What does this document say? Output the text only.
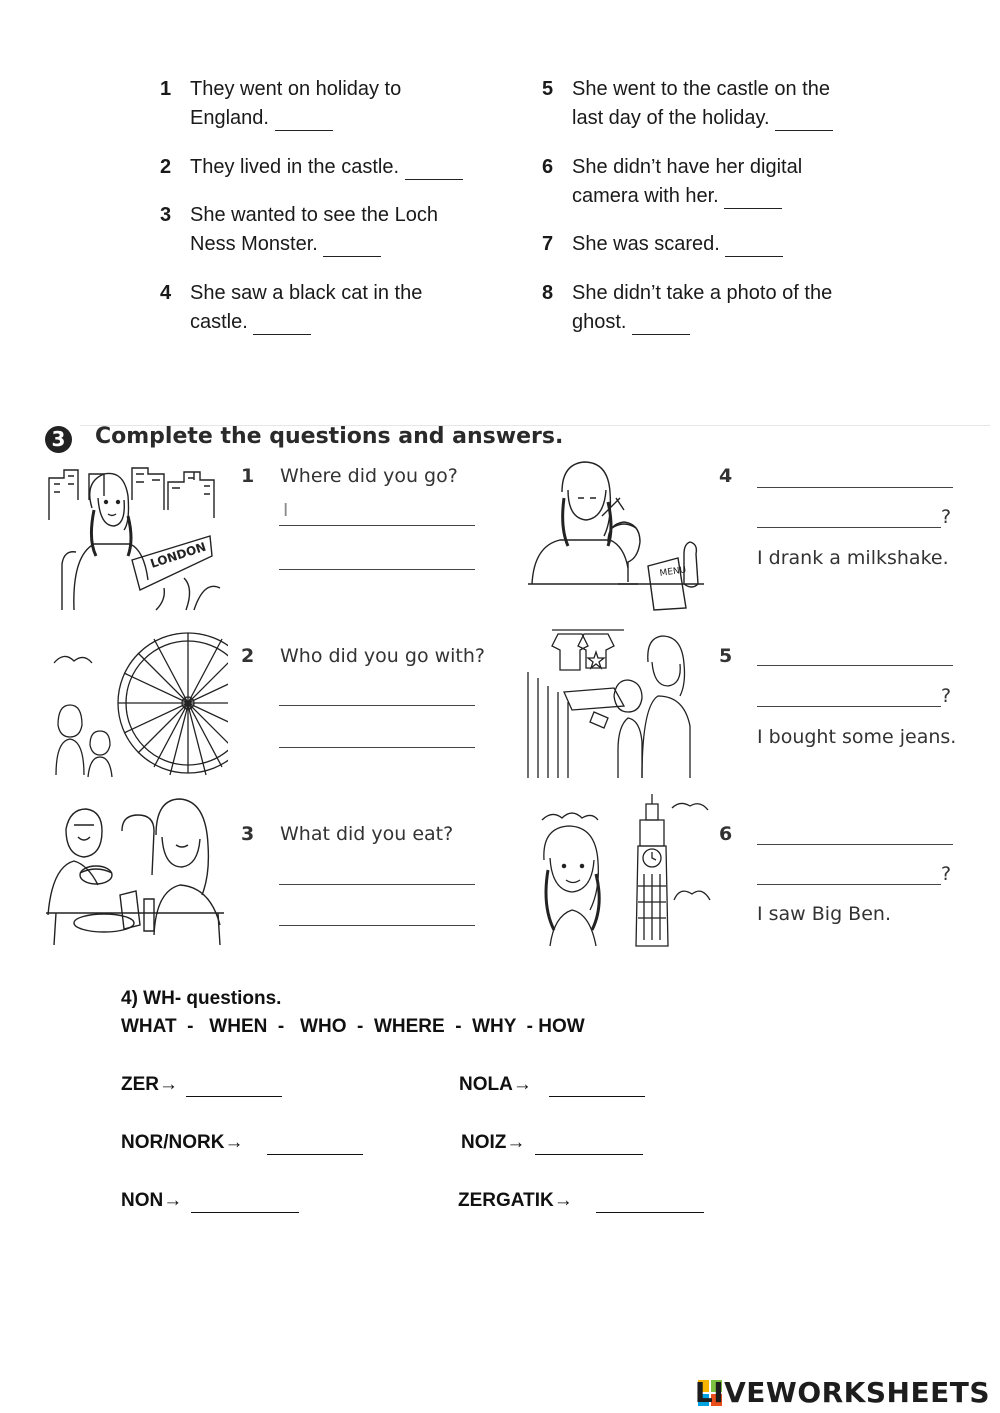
1 They went on holiday to
England.
2 They lived in the castle.
3 She wanted to see the Loch
Ness Monster.
4 She saw a black cat in the
castle.
5 She went to the castle on the
last day of the holiday.
6 She didn’t have her digital
camera with her.
7 She was scared.
8 She didn’t take a photo of the
ghost.
3 Complete the questions and answers.
LONDON
MENU
1 Where did you go?
I
2 Who did you go with?
3 What did you eat?
4
?
I drank a milkshake.
5
?
I bought some jeans.
6
?
I saw Big Ben.
4) WH- questions.
WHAT  -   WHEN  -   WHO  -  WHERE  -  WHY  - HOW
ZER→	NOLA→
NOR/NORK→	NOIZ→
NON→	ZERGATIK→
LIVEWORKSHEETS
